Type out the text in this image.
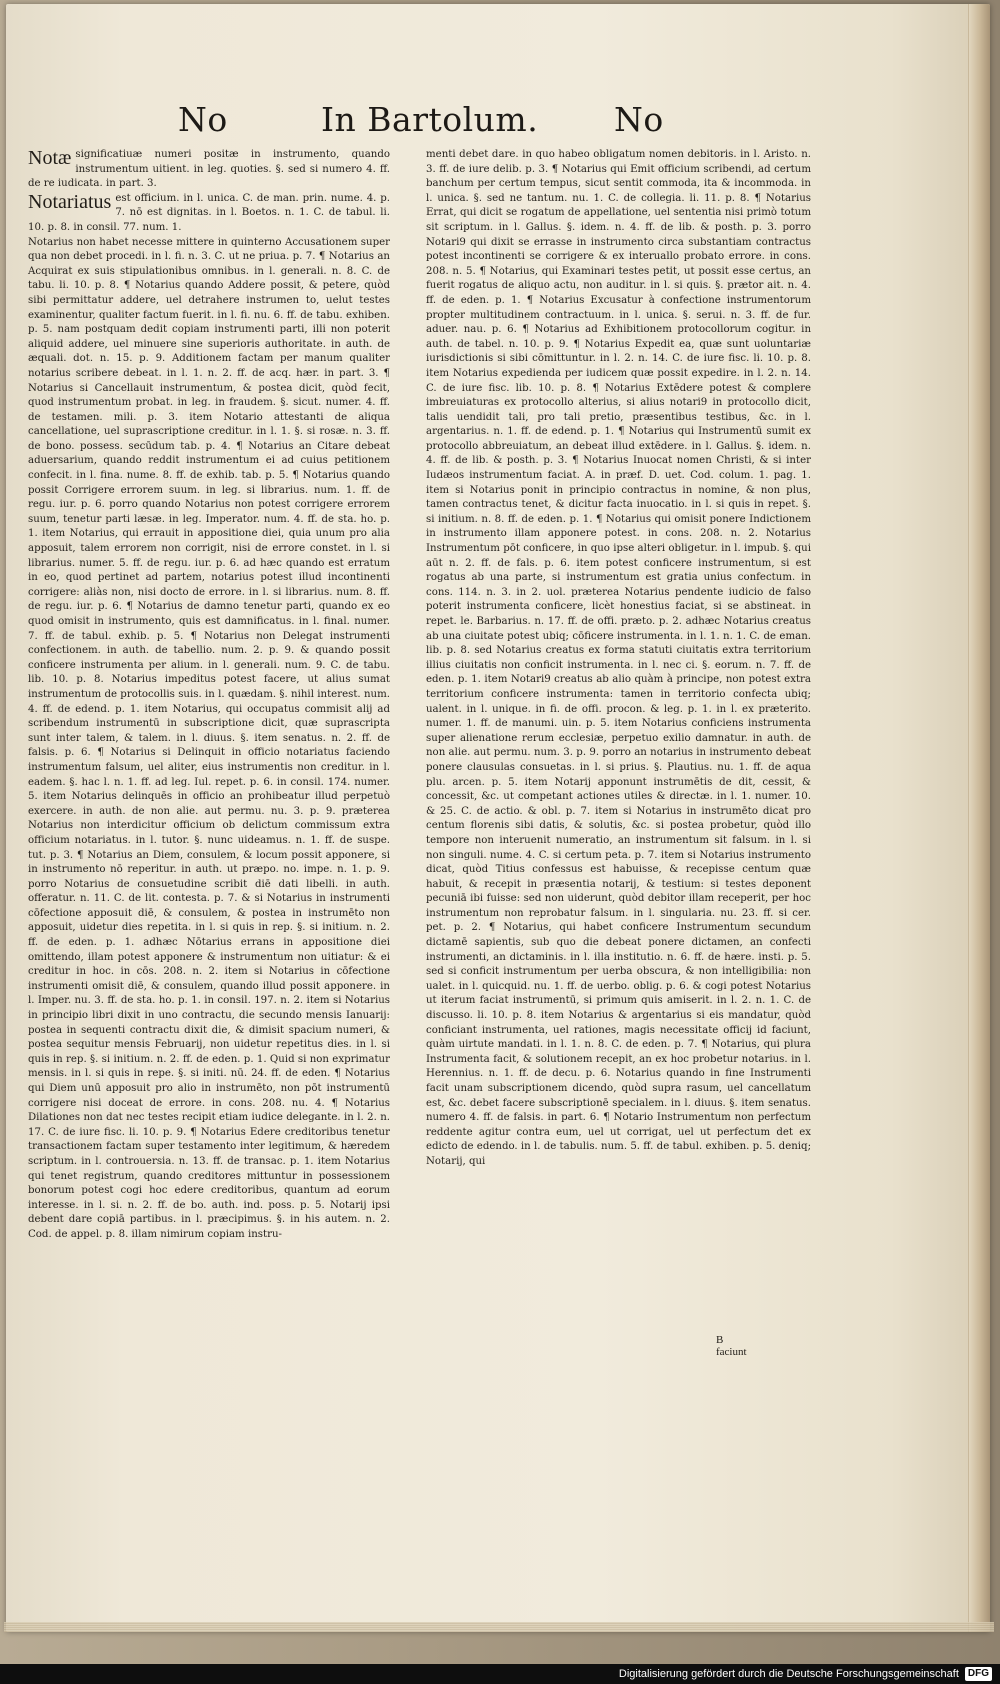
No	In Bartolum. No
Notæ significatiuæ numeri positæ in instrumento, quando instrumentum uitient. in leg. quoties. §. sed si numero 4. ff. de re iudicata. in part. 3.
Notariatus est officium. in l. unica. C. de man. prin. nume. 4. p. 7. nō est dignitas. in l. Boetos. n. 1. C. de tabul. li. 10. p. 8. in consil. 77. num. 1.
Notarius non habet necesse mittere in quinterno Accusationem super qua non debet procedi. in l. fi. n. 3. C. ut ne priua. p. 7. ¶ Notarius an Acquirat ex suis stipulationibus omnibus. in l. generali. n. 8. C. de tabu. li. 10. p. 8. ¶ Notarius quando Addere possit, & petere, quòd sibi permittatur addere, uel detrahere instrumen to, uelut testes examinentur, qualiter factum fuerit. in l. fi. nu. 6. ff. de tabu. exhiben. p. 5. nam postquam dedit copiam instrumenti parti, illi non poterit aliquid addere, uel minuere sine superioris authoritate. in auth. de æquali. dot. n. 15. p. 9. Additionem factam per manum qualiter notarius scribere debeat. in l. 1. n. 2. ff. de acq. hær. in part. 3. ¶ Notarius si Cancellauit instrumentum, & postea dicit, quòd fecit, quod instrumentum probat. in leg. in fraudem. §. sicut. numer. 4. ff. de testamen. mili. p. 3. item Notario attestanti de aliqua cancellatione, uel suprascriptione creditur. in l. 1. §. si rosæ. n. 3. ff. de bono. possess. secūdum tab. p. 4. ¶ Notarius an Citare debeat aduersarium, quando reddit instrumentum ei ad cuius petitionem confecit. in l. fina. nume. 8. ff. de exhib. tab. p. 5. ¶ Notarius quando possit Corrigere errorem suum. in leg. si librarius. num. 1. ff. de regu. iur. p. 6. porro quando Notarius non potest corrigere errorem suum, tenetur parti læsæ. in leg. Imperator. num. 4. ff. de sta. ho. p. 1. item Notarius, qui errauit in appositione diei, quia unum pro alia apposuit, talem errorem non corrigit, nisi de errore constet. in l. si librarius. numer. 5. ff. de regu. iur. p. 6. ad hæc quando est erratum in eo, quod pertinet ad partem, notarius potest illud incontinenti corrigere: aliàs non, nisi docto de errore. in l. si librarius. num. 8. ff. de regu. iur. p. 6. ¶ Notarius de damno tenetur parti, quando ex eo quod omisit in instrumento, quis est damnificatus. in l. final. numer. 7. ff. de tabul. exhib. p. 5. ¶ Notarius non Delegat instrumenti confectionem. in auth. de tabellio. num. 2. p. 9. & quando possit conficere instrumenta per alium. in l. generali. num. 9. C. de tabu. lib. 10. p. 8. Notarius impeditus potest facere, ut alius sumat instrumentum de protocollis suis. in l. quædam. §. nihil interest. num. 4. ff. de edend. p. 1. item Notarius, qui occupatus commisit alij ad scribendum instrumentū in subscriptione dicit, quæ suprascripta sunt inter talem, & talem. in l. diuus. §. item senatus. n. 2. ff. de falsis. p. 6. ¶ Notarius si Delinquit in officio notariatus faciendo instrumentum falsum, uel aliter, eius instrumentis non creditur. in l. eadem. §. hac l. n. 1. ff. ad leg. Iul. repet. p. 6. in consil. 174. numer. 5. item Notarius delinquēs in officio an prohibeatur illud perpetuò exercere. in auth. de non alie. aut permu. nu. 3. p. 9. præterea Notarius non interdicitur officium ob delictum commissum extra officium notariatus. in l. tutor. §. nunc uideamus. n. 1. ff. de suspe. tut. p. 3. ¶ Notarius an Diem, consulem, & locum possit apponere, si in instrumento nō reperitur. in auth. ut præpo. no. impe. n. 1. p. 9. porro Notarius de consuetudine scribit diē dati libelli. in auth. offeratur. n. 11. C. de lit. contesta. p. 7. & si Notarius in instrumenti cōfectione apposuit diē, & consulem, & postea in instrumēto non apposuit, uidetur dies repetita. in l. si quis in rep. §. si initium. n. 2. ff. de eden. p. 1. adhæc Nōtarius errans in appositione diei omittendo, illam potest apponere & instrumentum non uitiatur: & ei creditur in hoc. in cōs. 208. n. 2. item si Notarius in cōfectione instrumenti omisit diē, & consulem, quando illud possit apponere. in l. Imper. nu. 3. ff. de sta. ho. p. 1. in consil. 197. n. 2. item si Notarius in principio libri dixit in uno contractu, die secundo mensis Ianuarij: postea in sequenti contractu dixit die, & dimisit spacium numeri, & postea sequitur mensis Februarij, non uidetur repetitus dies. in l. si quis in rep. §. si initium. n. 2. ff. de eden. p. 1. Quid si non exprimatur mensis. in l. si quis in repe. §. si initi. nū. 24. ff. de eden. ¶ Notarius qui Diem unū apposuit pro alio in instrumēto, non pōt instrumentū corrigere nisi doceat de errore. in cons. 208. nu. 4. ¶ Notarius Dilationes non dat nec testes recipit etiam iudice delegante. in l. 2. n. 17. C. de iure fisc. li. 10. p. 9. ¶ Notarius Edere creditoribus tenetur transactionem factam super testamento inter legitimum, & hæredem scriptum. in l. controuersia. n. 13. ff. de transac. p. 1. item Notarius qui tenet registrum, quando creditores mittuntur in possessionem bonorum potest cogi hoc edere creditoribus, quantum ad eorum interesse. in l. si. n. 2. ff. de bo. auth. ind. poss. p. 5. Notarij ipsi debent dare copiā partibus. in l. præcipimus. §. in his autem. n. 2. Cod. de appel. p. 8. illam nimirum copiam instru-
menti debet dare. in quo habeo obligatum nomen debitoris. in l. Aristo. n. 3. ff. de iure delib. p. 3. ¶ Notarius qui Emit officium scribendi, ad certum banchum per certum tempus, sicut sentit commoda, ita & incommoda. in l. unica. §. sed ne tantum. nu. 1. C. de collegia. li. 11. p. 8. ¶ Notarius Errat, qui dicit se rogatum de appellatione, uel sententia nisi primò totum sit scriptum. in l. Gallus. §. idem. n. 4. ff. de lib. & posth. p. 3. porro Notari9 qui dixit se errasse in instrumento circa substantiam contractus potest incontinenti se corrigere & ex interuallo probato errore. in cons. 208. n. 5. ¶ Notarius, qui Examinari testes petit, ut possit esse certus, an fuerit rogatus de aliquo actu, non auditur. in l. si quis. §. prætor ait. n. 4. ff. de eden. p. 1. ¶ Notarius Excusatur à confectione instrumentorum propter multitudinem contractuum. in l. unica. §. serui. n. 3. ff. de fur. aduer. nau. p. 6. ¶ Notarius ad Exhibitionem protocollorum cogitur. in auth. de tabel. n. 10. p. 9. ¶ Notarius Expedit ea, quæ sunt uoluntariæ iurisdictionis si sibi cōmittuntur. in l. 2. n. 14. C. de iure fisc. li. 10. p. 8. item Notarius expedienda per iudicem quæ possit expedire. in l. 2. n. 14. C. de iure fisc. lib. 10. p. 8. ¶ Notarius Extēdere potest & complere imbreuiaturas ex protocollo alterius, si alius notari9 in protocollo dicit, talis uendidit tali, pro tali pretio, præsentibus testibus, &c. in l. argentarius. n. 1. ff. de edend. p. 1. ¶ Notarius qui Instrumentū sumit ex protocollo abbreuiatum, an debeat illud extēdere. in l. Gallus. §. idem. n. 4. ff. de lib. & posth. p. 3. ¶ Notarius Inuocat nomen Christi, & si inter Iudæos instrumentum faciat. A. in præf. D. uet. Cod. colum. 1. pag. 1. item si Notarius ponit in principio contractus in nomine, & non plus, tamen contractus tenet, & dicitur facta inuocatio. in l. si quis in repet. §. si initium. n. 8. ff. de eden. p. 1. ¶ Notarius qui omisit ponere Indictionem in instrumento illam apponere potest. in cons. 208. n. 2. Notarius Instrumentum pōt conficere, in quo ipse alteri obligetur. in l. impub. §. qui aūt n. 2. ff. de fals. p. 6. item potest conficere instrumentum, si est rogatus ab una parte, si instrumentum est gratia unius confectum. in cons. 114. n. 3. in 2. uol. præterea Notarius pendente iudicio de falso poterit instrumenta conficere, licèt honestius faciat, si se abstineat. in repet. le. Barbarius. n. 17. ff. de offi. præto. p. 2. adhæc Notarius creatus ab una ciuitate potest ubiq; cōficere instrumenta. in l. 1. n. 1. C. de eman. lib. p. 8. sed Notarius creatus ex forma statuti ciuitatis extra territorium illius ciuitatis non conficit instrumenta. in l. nec ci. §. eorum. n. 7. ff. de eden. p. 1. item Notari9 creatus ab alio quàm à principe, non potest extra territorium conficere instrumenta: tamen in territorio confecta ubiq; ualent. in l. unique. in fi. de offi. procon. & leg. p. 1. in l. ex præterito. numer. 1. ff. de manumi. uin. p. 5. item Notarius conficiens instrumenta super alienatione rerum ecclesiæ, perpetuo exilio damnatur. in auth. de non alie. aut permu. num. 3. p. 9. porro an notarius in instrumento debeat ponere clausulas consuetas. in l. si prius. §. Plautius. nu. 1. ff. de aqua plu. arcen. p. 5. item Notarij apponunt instrumētis de dit, cessit, & concessit, &c. ut competant actiones utiles & directæ. in l. 1. numer. 10. & 25. C. de actio. & obl. p. 7. item si Notarius in instrumēto dicat pro centum florenis sibi datis, & solutis, &c. si postea probetur, quòd illo tempore non interuenit numeratio, an instrumentum sit falsum. in l. si non singuli. nume. 4. C. si certum peta. p. 7. item si Notarius instrumento dicat, quòd Titius confessus est habuisse, & recepisse centum quæ habuit, & recepit in præsentia notarij, & testium: si testes deponent pecuniā ibi fuisse: sed non uiderunt, quòd debitor illam receperit, per hoc instrumentum non reprobatur falsum. in l. singularia. nu. 23. ff. si cer. pet. p. 2. ¶ Notarius, qui habet conficere Instrumentum secundum dictamē sapientis, sub quo die debeat ponere dictamen, an confecti instrumenti, an dictaminis. in l. illa institutio. n. 6. ff. de hære. insti. p. 5. sed si conficit instrumentum per uerba obscura, & non intelligibilia: non ualet. in l. quicquid. nu. 1. ff. de uerbo. oblig. p. 6. & cogi potest Notarius ut iterum faciat instrumentū, si primum quis amiserit. in l. 2. n. 1. C. de discusso. li. 10. p. 8. item Notarius & argentarius si eis mandatur, quòd conficiant instrumenta, uel rationes, magis necessitate officij id faciunt, quàm uirtute mandati. in l. 1. n. 8. C. de eden. p. 7. ¶ Notarius, qui plura Instrumenta facit, & solutionem recepit, an ex hoc probetur notarius. in l. Herennius. n. 1. ff. de decu. p. 6. Notarius quando in fine Instrumenti facit unam subscriptionem dicendo, quòd supra rasum, uel cancellatum est, &c. debet facere subscriptionē specialem. in l. diuus. §. item senatus. numero 4. ff. de falsis. in part. 6. ¶ Notario Instrumentum non perfectum reddente agitur contra eum, uel ut corrigat, uel ut perfectum det ex edicto de edendo. in l. de tabulis. num. 5. ff. de tabul. exhiben. p. 5. deniq; Notarij, qui
B faciunt
Digitalisierung gefördert durch die Deutsche Forschungsgemeinschaft DFG
